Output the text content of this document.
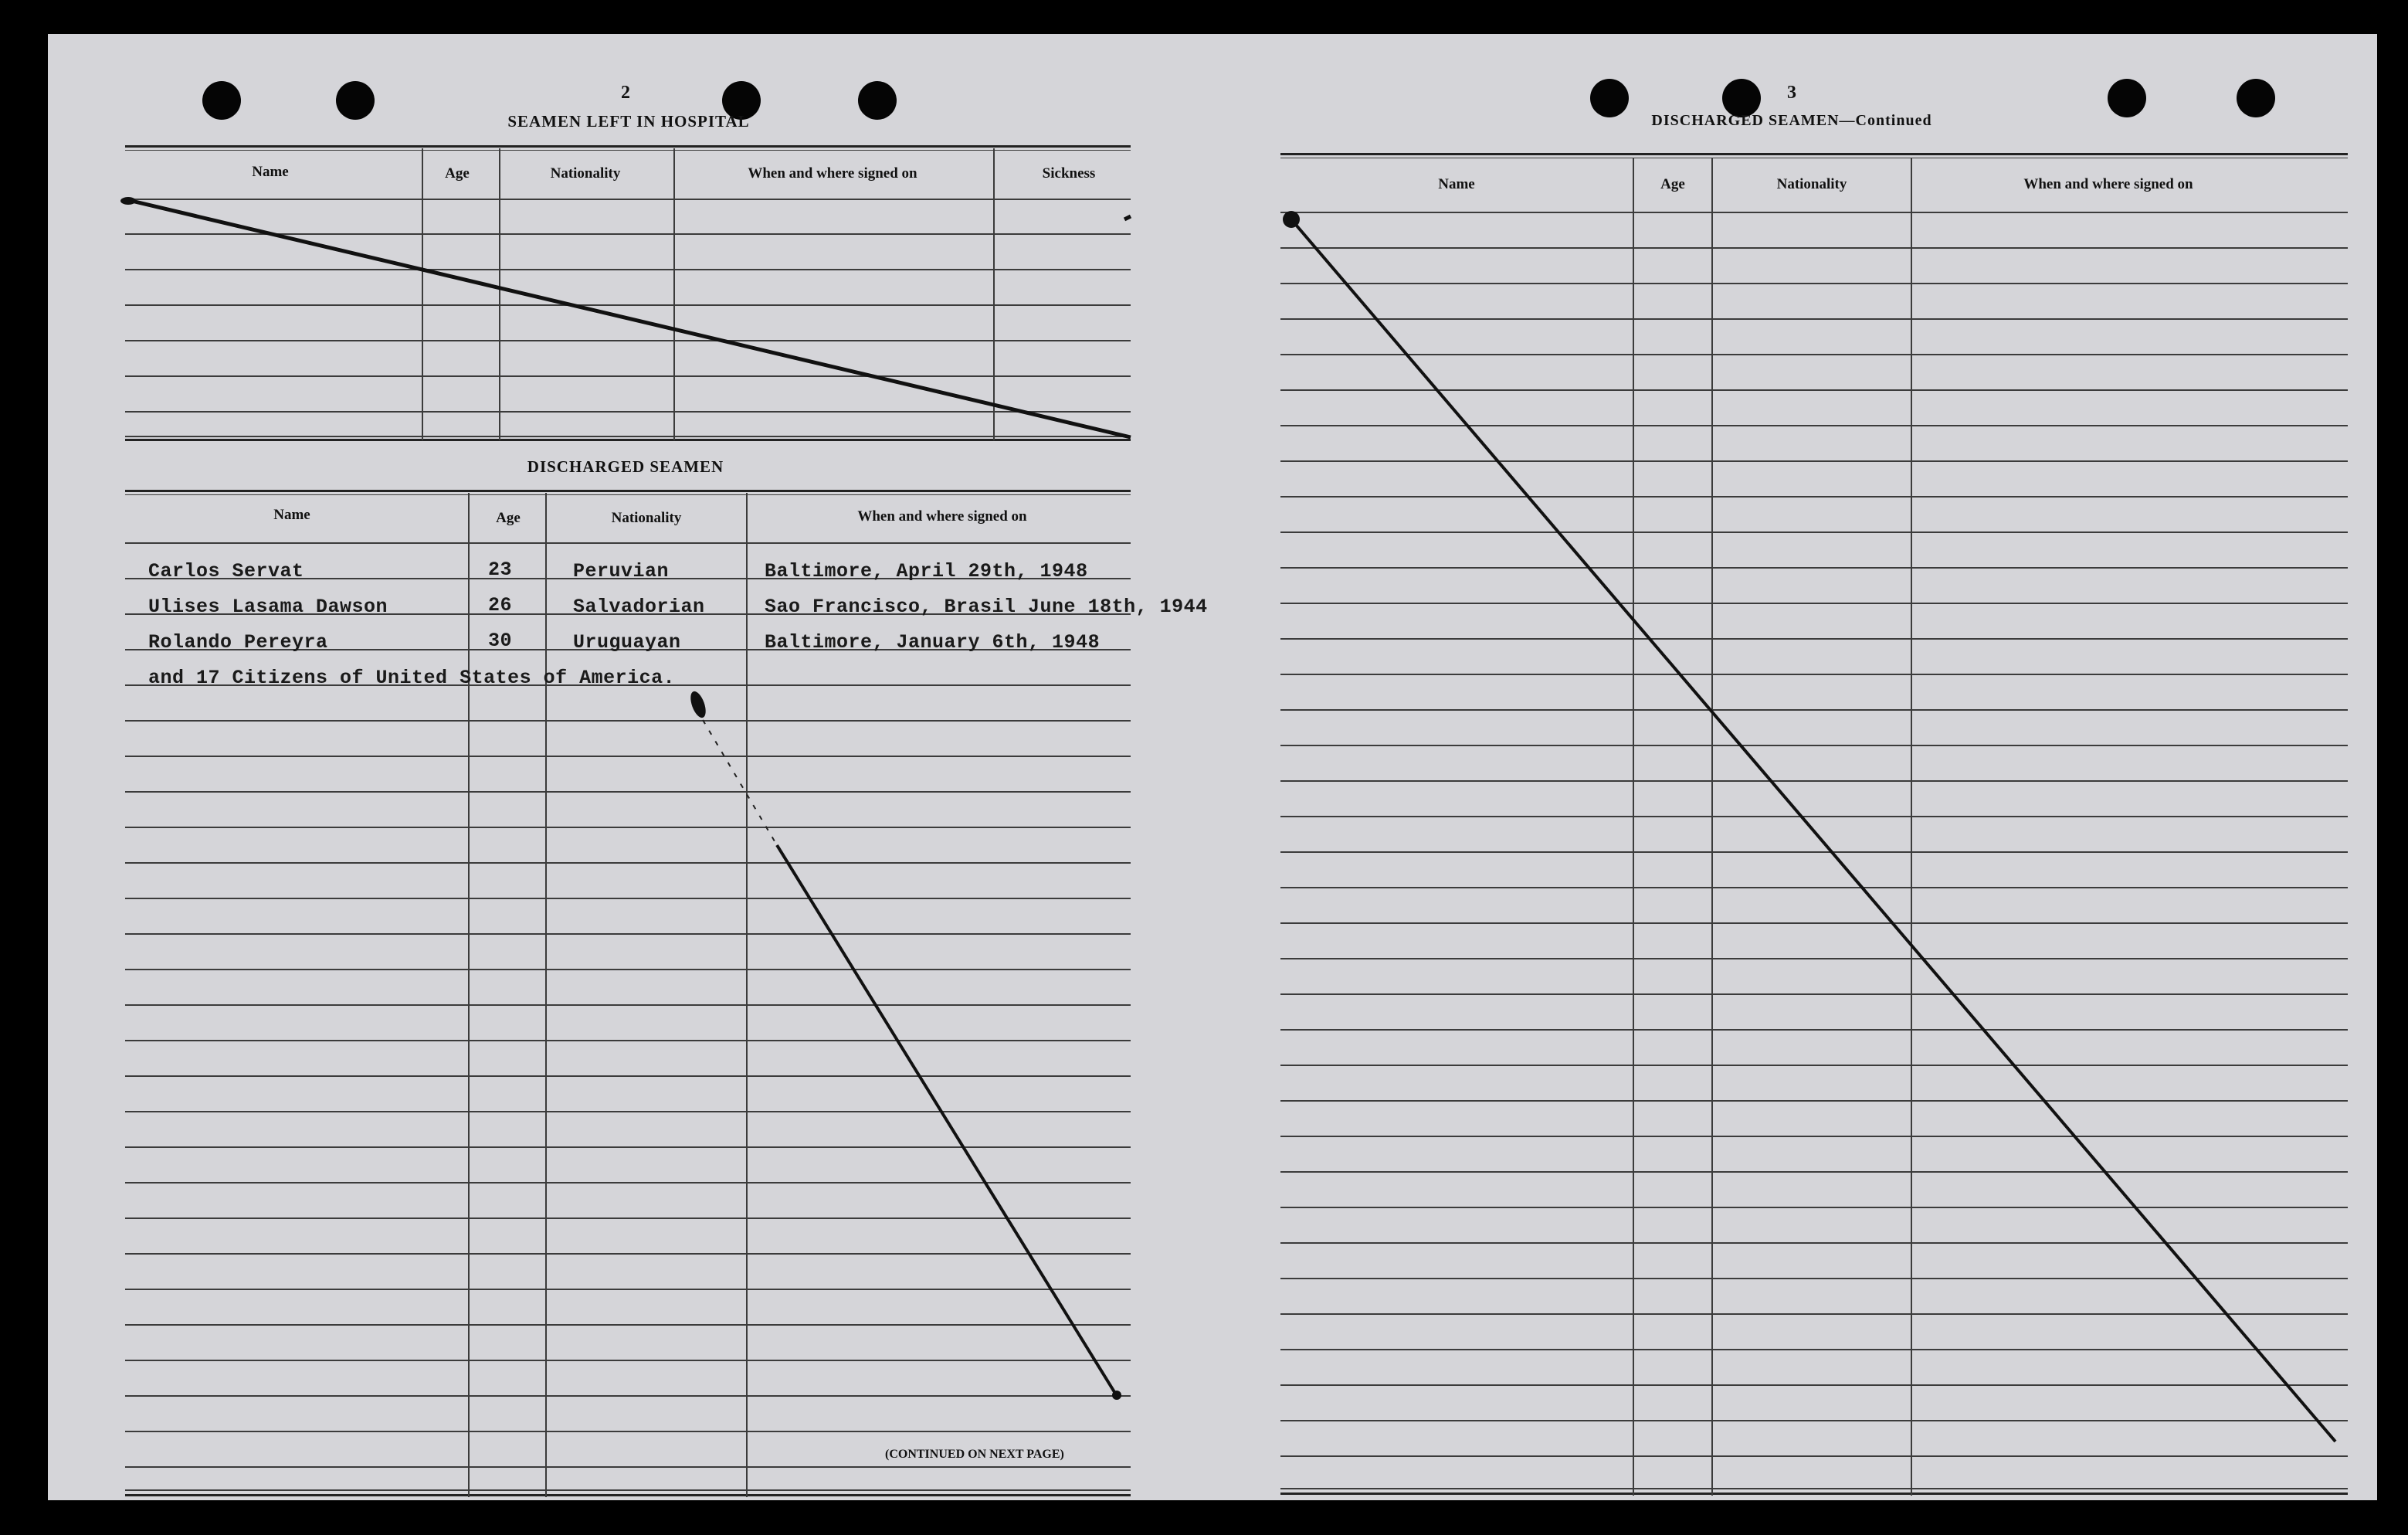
2
SEAMEN LEFT IN HOSPITAL
Name	Age	Nationality	When and where signed on	Sickness
DISCHARGED SEAMEN
Name	Age	Nationality	When and where signed on
Carlos Servat	23	Peruvian	Baltimore, April 29th, 1948
Ulises Lasama Dawson	26	Salvadorian	Sao Francisco, Brasil June 18th, 1944
Rolando Pereyra	30	Uruguayan	Baltimore, January 6th, 1948
and 17 Citizens of United States of America.
(CONTINUED ON NEXT PAGE)
3
DISCHARGED SEAMEN—Continued
Name	Age	Nationality	When and where signed on
